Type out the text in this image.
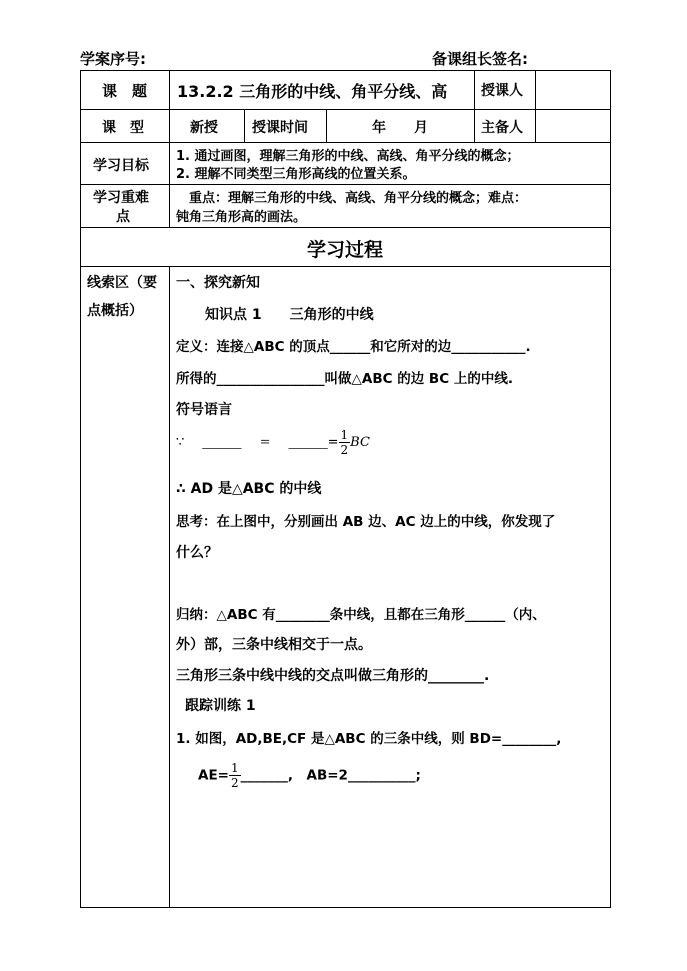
学案序号:	备课组长签名:
课　题 13.2.2 三角形的中线、角平分线、高 授课人
课　型	新授 授课时间	年　　月	主备人
学习目标
1. 通过画图，理解三角形的中线、高线、角平分线的概念；
2. 理解不同类型三角形高线的位置关系。
学习重难
点
　重点：理解三角形的中线、高线、角平分线的概念；难点：
钝角三角形高的画法。
学习过程
线索区（要
点概括）
一、探究新知
知识点 1　　三角形的中线
定义：连接△ABC 的顶点______和它所对的边___________.
所得的________________叫做△ABC 的边 BC 上的中线.
符号语言
∵ ______ = ______= $\frac{1}{2}$ BC
∴ AD 是△ABC 的中线
思考：在上图中，分别画出 AB 边、AC 边上的中线，你发现了
什么？
归纳：△ABC 有________条中线，且都在三角形______（内、
外）部，三条中线相交于一点。
三角形三条中线中线的交点叫做三角形的________.
跟踪训练 1
1. 如图，AD,BE,CF 是△ABC 的三条中线，则 BD=________,
$AE= \frac{1}{2}$ _______,　AB=2__________;
